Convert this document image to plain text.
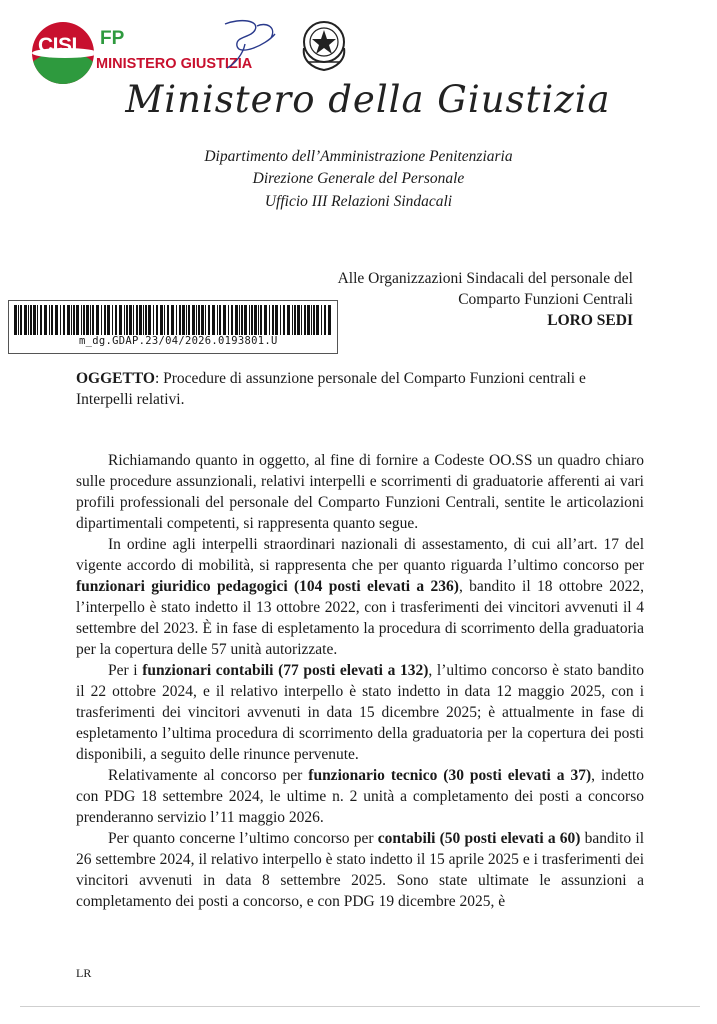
CISL FP
MINISTERO GIUSTIZIA
Ministero della Giustizia
Dipartimento dell’Amministrazione Penitenziaria
Direzione Generale del Personale
Ufficio III Relazioni Sindacali
Alle Organizzazioni Sindacali del personale del
Comparto Funzioni Centrali
LORO SEDI
m_dg.GDAP.23/04/2026.0193801.U
OGGETTO: Procedure di assunzione personale del Comparto Funzioni centrali e Interpelli relativi.

Richiamando quanto in oggetto, al fine di fornire a Codeste OO.SS un quadro chiaro sulle procedure assunzionali, relativi interpelli e scorrimenti di graduatorie afferenti ai vari profili professionali del personale del Comparto Funzioni Centrali, sentite le articolazioni dipartimentali competenti, si rappresenta quanto segue.

In ordine agli interpelli straordinari nazionali di assestamento, di cui all’art. 17 del vigente accordo di mobilità, si rappresenta che per quanto riguarda l’ultimo concorso per funzionari giuridico pedagogici (104 posti elevati a 236), bandito il 18 ottobre 2022, l’interpello è stato indetto il 13 ottobre 2022, con i trasferimenti dei vincitori avvenuti il 4 settembre del 2023. È in fase di espletamento la procedura di scorrimento della graduatoria per la copertura delle 57 unità autorizzate.

Per i funzionari contabili (77 posti elevati a 132), l’ultimo concorso è stato bandito il 22 ottobre 2024, e il relativo interpello è stato indetto in data 12 maggio 2025, con i trasferimenti dei vincitori avvenuti in data 15 dicembre 2025; è attualmente in fase di espletamento l’ultima procedura di scorrimento della graduatoria per la copertura dei posti disponibili, a seguito delle rinunce pervenute.

Relativamente al concorso per funzionario tecnico (30 posti elevati a 37), indetto con PDG 18 settembre 2024, le ultime n. 2 unità a completamento dei posti a concorso prenderanno servizio l’11 maggio 2026.

Per quanto concerne l’ultimo concorso per contabili (50 posti elevati a 60) bandito il 26 settembre 2024, il relativo interpello è stato indetto il 15 aprile 2025 e i trasferimenti dei vincitori avvenuti in data 8 settembre 2025. Sono state ultimate le assunzioni a completamento dei posti a concorso, e con PDG 19 dicembre 2025, è

LR
